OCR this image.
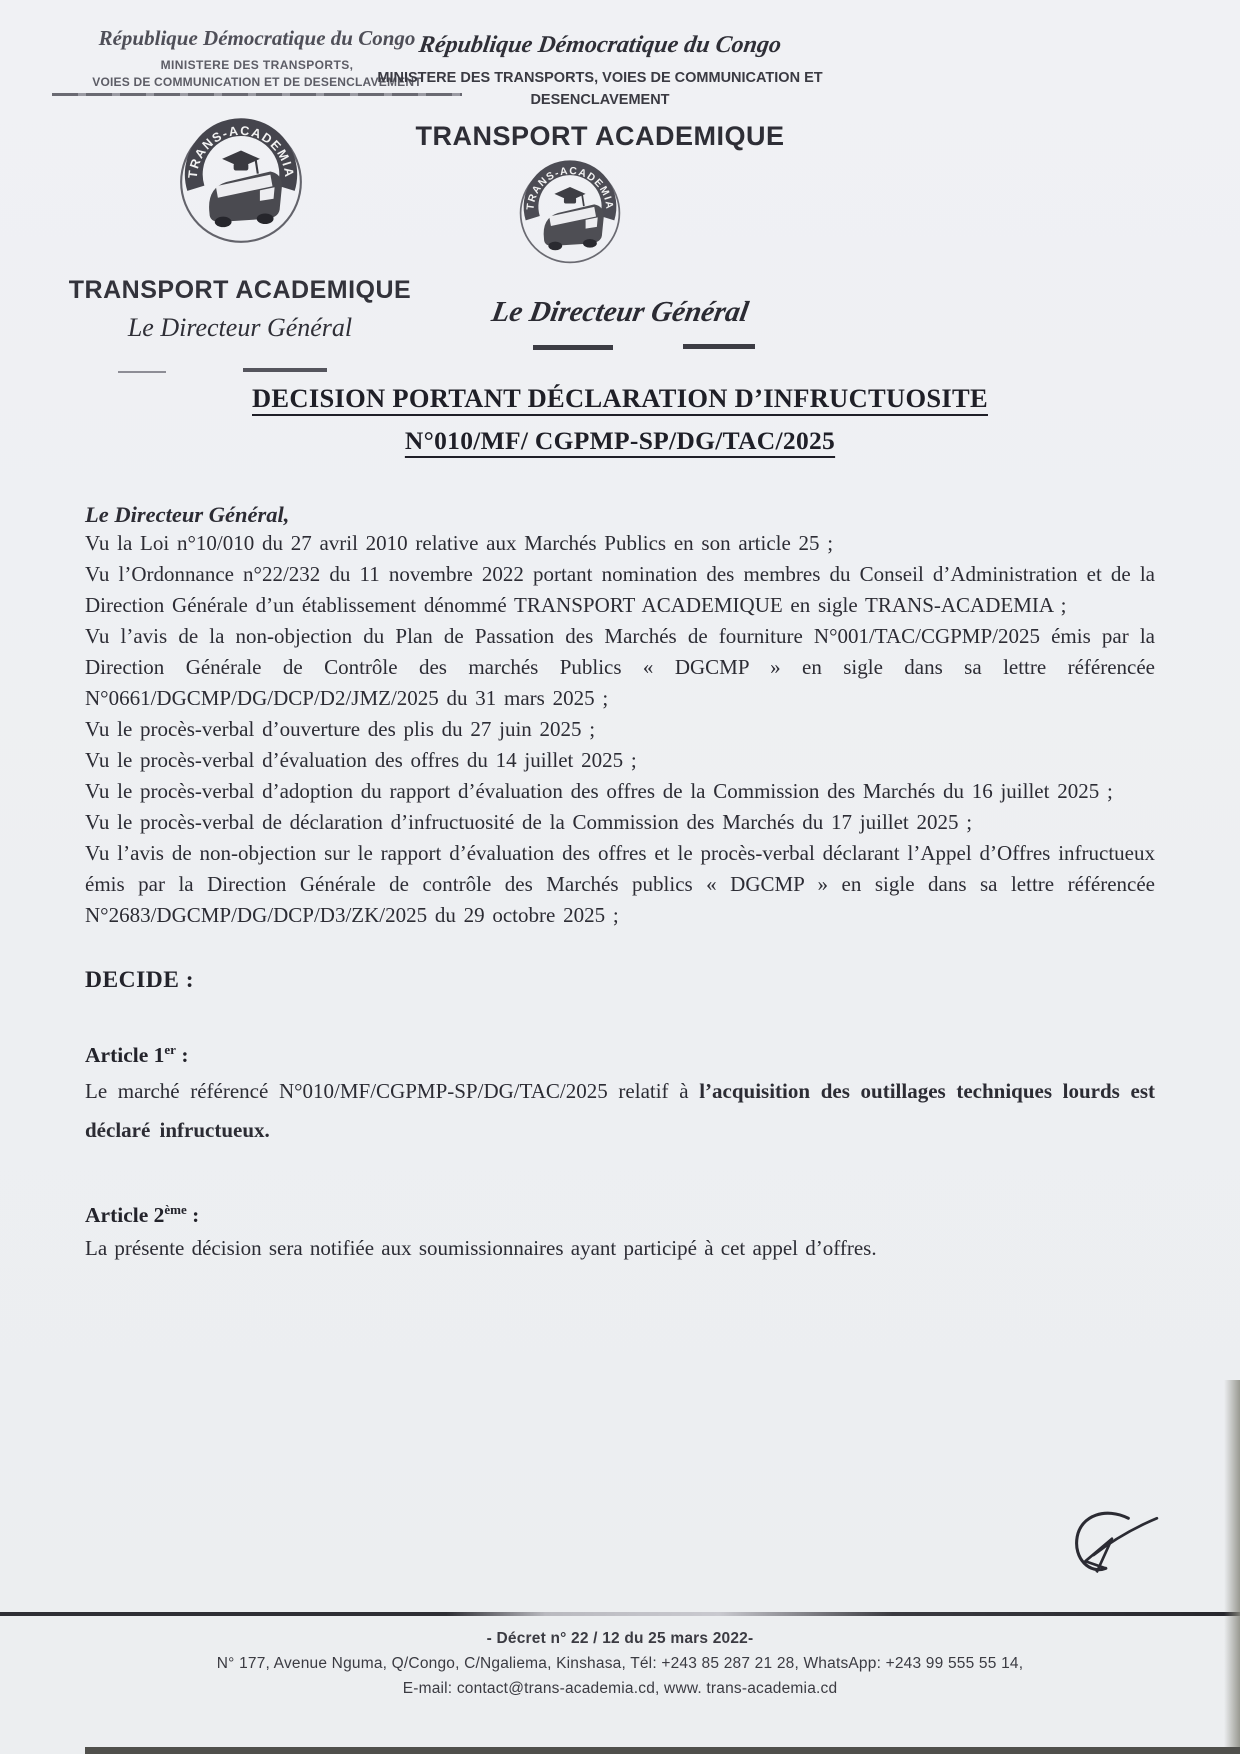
République Démocratique du Congo
MINISTERE DES TRANSPORTS,
VOIES DE COMMUNICATION ET DE DESENCLAVEMENT
République Démocratique du Congo
MINISTERE DES TRANSPORTS, VOIES DE COMMUNICATION ET
DESENCLAVEMENT
TRANSPORT ACADEMIQUE
TRANS-ACADEMIA
TRANS-ACADEMIA
TRANSPORT ACADEMIQUE
Le Directeur Général	Le Directeur Général
DECISION PORTANT DÉCLARATION D’INFRUCTUOSITE
N°010/MF/ CGPMP-SP/DG/TAC/2025
Le Directeur Général,

Vu la Loi n°10/010 du 27 avril 2010 relative aux Marchés Publics en son article 25 ;

Vu l’Ordonnance n°22/232 du 11 novembre 2022 portant nomination des membres du Conseil d’Administration et de la Direction Générale d’un établissement dénommé TRANSPORT ACADEMIQUE en sigle TRANS-ACADEMIA ;

Vu l’avis de la non-objection du Plan de Passation des Marchés de fourniture N°001/TAC/CGPMP/2025 émis par la Direction Générale de Contrôle des marchés Publics « DGCMP » en sigle dans sa lettre référencée N°0661/DGCMP/DG/DCP/D2/JMZ/2025 du 31 mars 2025 ;

Vu le procès-verbal d’ouverture des plis du 27 juin 2025 ;

Vu le procès-verbal d’évaluation des offres du 14 juillet 2025 ;

Vu le procès-verbal d’adoption du rapport d’évaluation des offres de la Commission des Marchés du 16 juillet 2025 ;

Vu le procès-verbal de déclaration d’infructuosité de la Commission des Marchés du 17 juillet 2025 ;

Vu l’avis de non-objection sur le rapport d’évaluation des offres et le procès-verbal déclarant l’Appel d’Offres infructueux émis par la Direction Générale de contrôle des Marchés publics « DGCMP » en sigle dans sa lettre référencée N°2683/DGCMP/DG/DCP/D3/ZK/2025 du 29 octobre 2025 ;

DECIDE :
Article 1er :

Le marché référencé N°010/MF/CGPMP-SP/DG/TAC/2025 relatif à l’acquisition des outillages techniques lourds est déclaré infructueux.

Article 2ème :

La présente décision sera notifiée aux soumissionnaires ayant participé à cet appel d’offres.

- Décret n° 22 / 12 du 25 mars 2022-
N° 177, Avenue Nguma, Q/Congo, C/Ngaliema, Kinshasa, Tél: +243 85 287 21 28, WhatsApp: +243 99 555 55 14,
E-mail: contact@trans-academia.cd, www. trans-academia.cd
